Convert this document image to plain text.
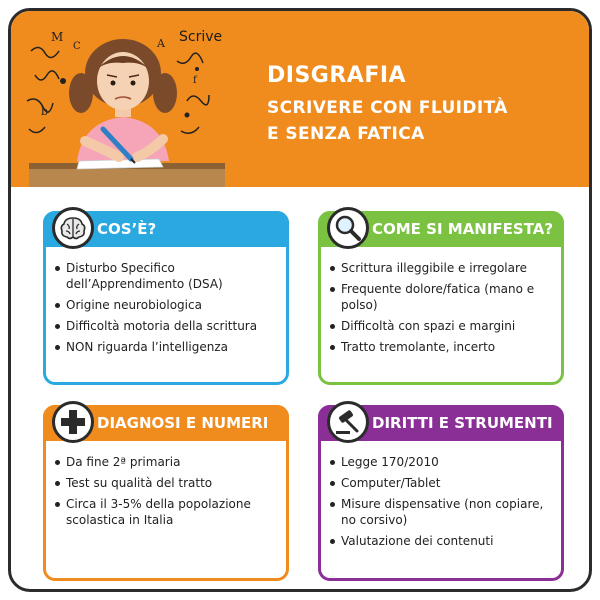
M
C	A
f
b
Scrive
DISGRAFIA
SCRIVERE CON FLUIDITÀ
E SENZA FATICA
COS’È?
Disturbo Specifico dell’Apprendimento (DSA)
Origine neurobiologica
Difficoltà motoria della scrittura
NON riguarda l’intelligenza
COME SI MANIFESTA?
Scrittura illeggibile e irregolare
Frequente dolore/fatica (mano e polso)
Difficoltà con spazi e margini
Tratto tremolante, incerto
DIAGNOSI E NUMERI
Da fine 2ª primaria
Test su qualità del tratto
Circa il 3-5% della popolazione scolastica in Italia
DIRITTI E STRUMENTI
Legge 170/2010
Computer/Tablet
Misure dispensative (non copiare, no corsivo)
Valutazione dei contenuti
